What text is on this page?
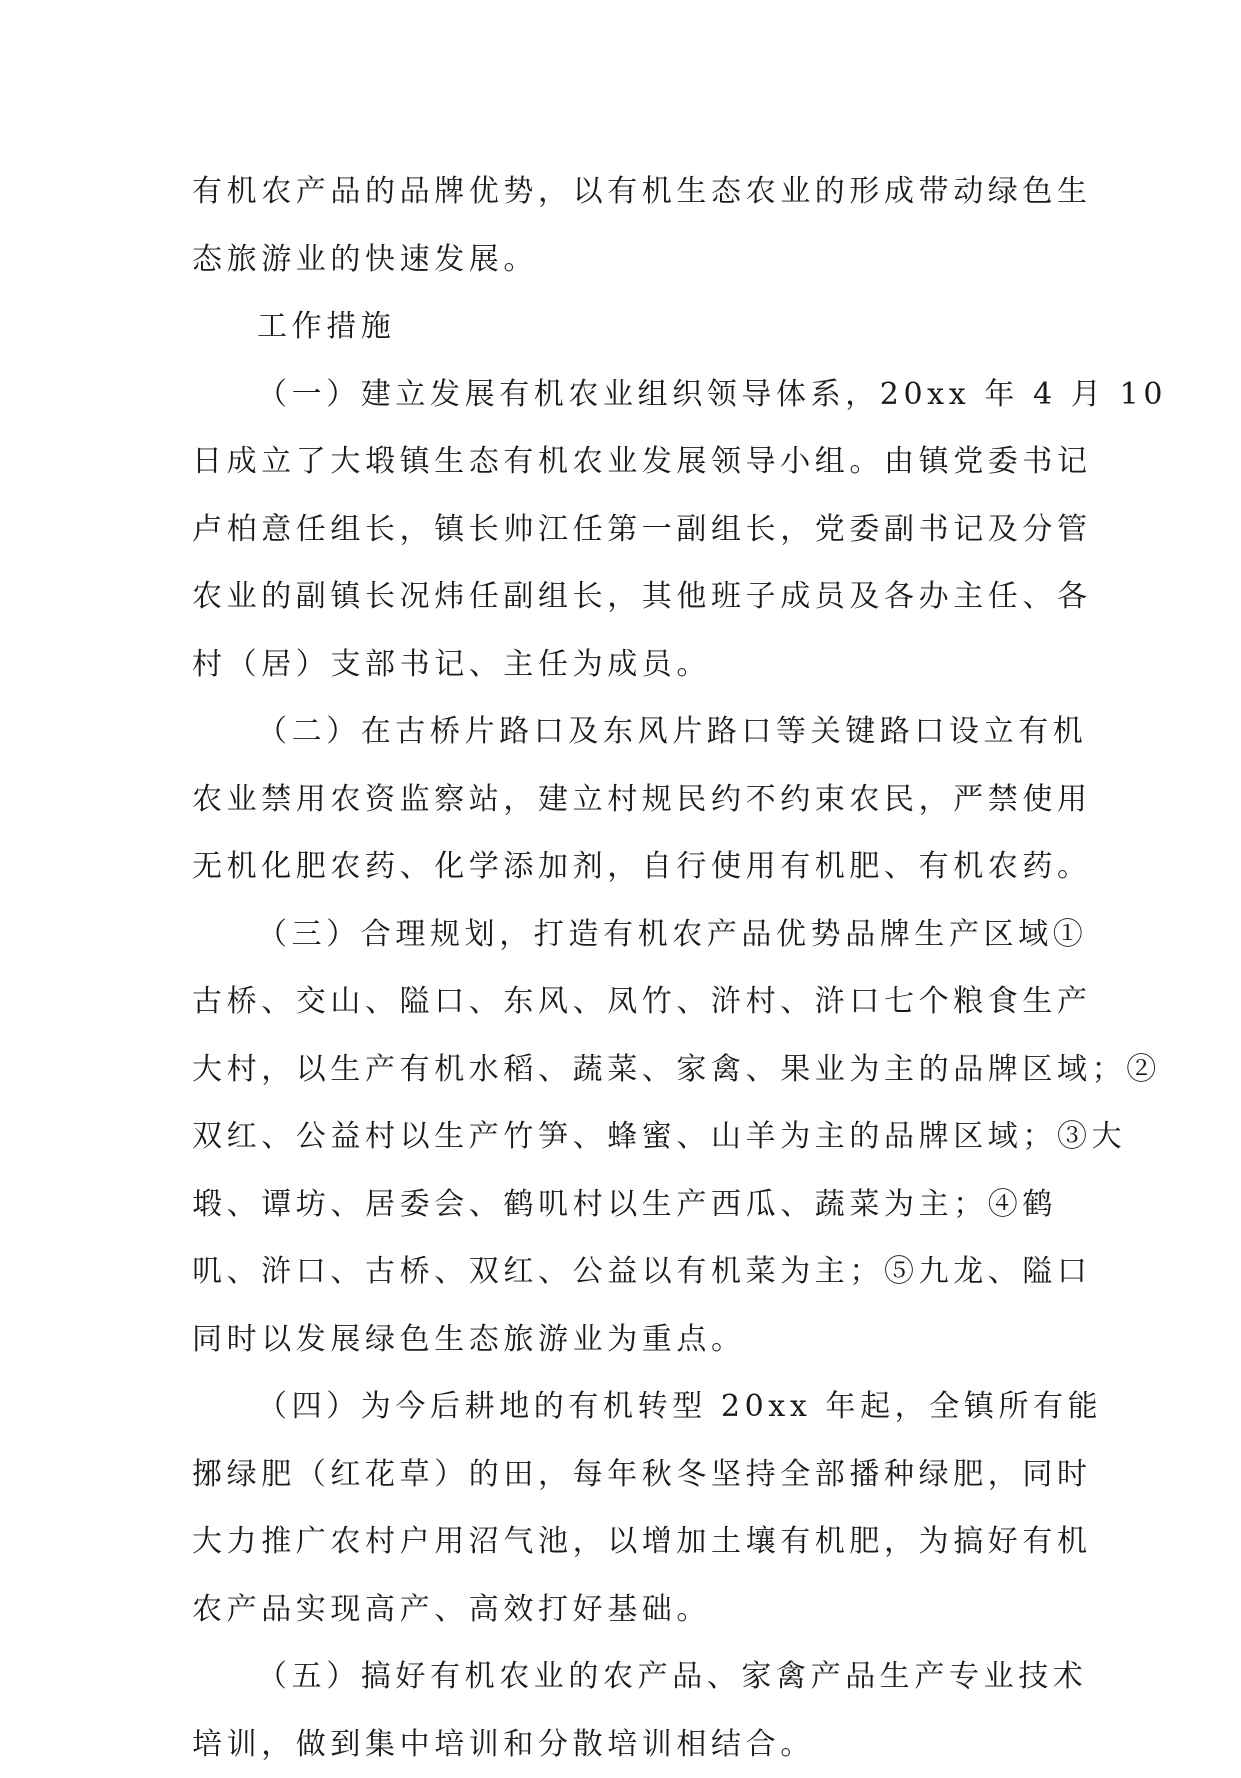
有机农产品的品牌优势，以有机生态农业的形成带动绿色生
态旅游业的快速发展。
工作措施
（一）建立发展有机农业组织领导体系，20xx 年 4 月 10
日成立了大塅镇生态有机农业发展领导小组。由镇党委书记
卢柏意任组长，镇长帅江任第一副组长，党委副书记及分管
农业的副镇长况炜任副组长，其他班子成员及各办主任、各
村（居）支部书记、主任为成员。
（二）在古桥片路口及东风片路口等关键路口设立有机
农业禁用农资监察站，建立村规民约不约束农民，严禁使用
无机化肥农药、化学添加剂，自行使用有机肥、有机农药。
（三）合理规划，打造有机农产品优势品牌生产区域①
古桥、交山、隘口、东风、凤竹、浒村、浒口七个粮食生产
大村，以生产有机水稻、蔬菜、家禽、果业为主的品牌区域；②
双红、公益村以生产竹笋、蜂蜜、山羊为主的品牌区域；③大
塅、谭坊、居委会、鹤叽村以生产西瓜、蔬菜为主；④鹤
叽、浒口、古桥、双红、公益以有机菜为主；⑤九龙、隘口
同时以发展绿色生态旅游业为重点。
（四）为今后耕地的有机转型 20xx 年起，全镇所有能
捓绿肥（红花草）的田，每年秋冬坚持全部播种绿肥，同时
大力推广农村户用沼气池，以增加土壤有机肥，为搞好有机
农产品实现高产、高效打好基础。
（五）搞好有机农业的农产品、家禽产品生产专业技术
培训，做到集中培训和分散培训相结合。
